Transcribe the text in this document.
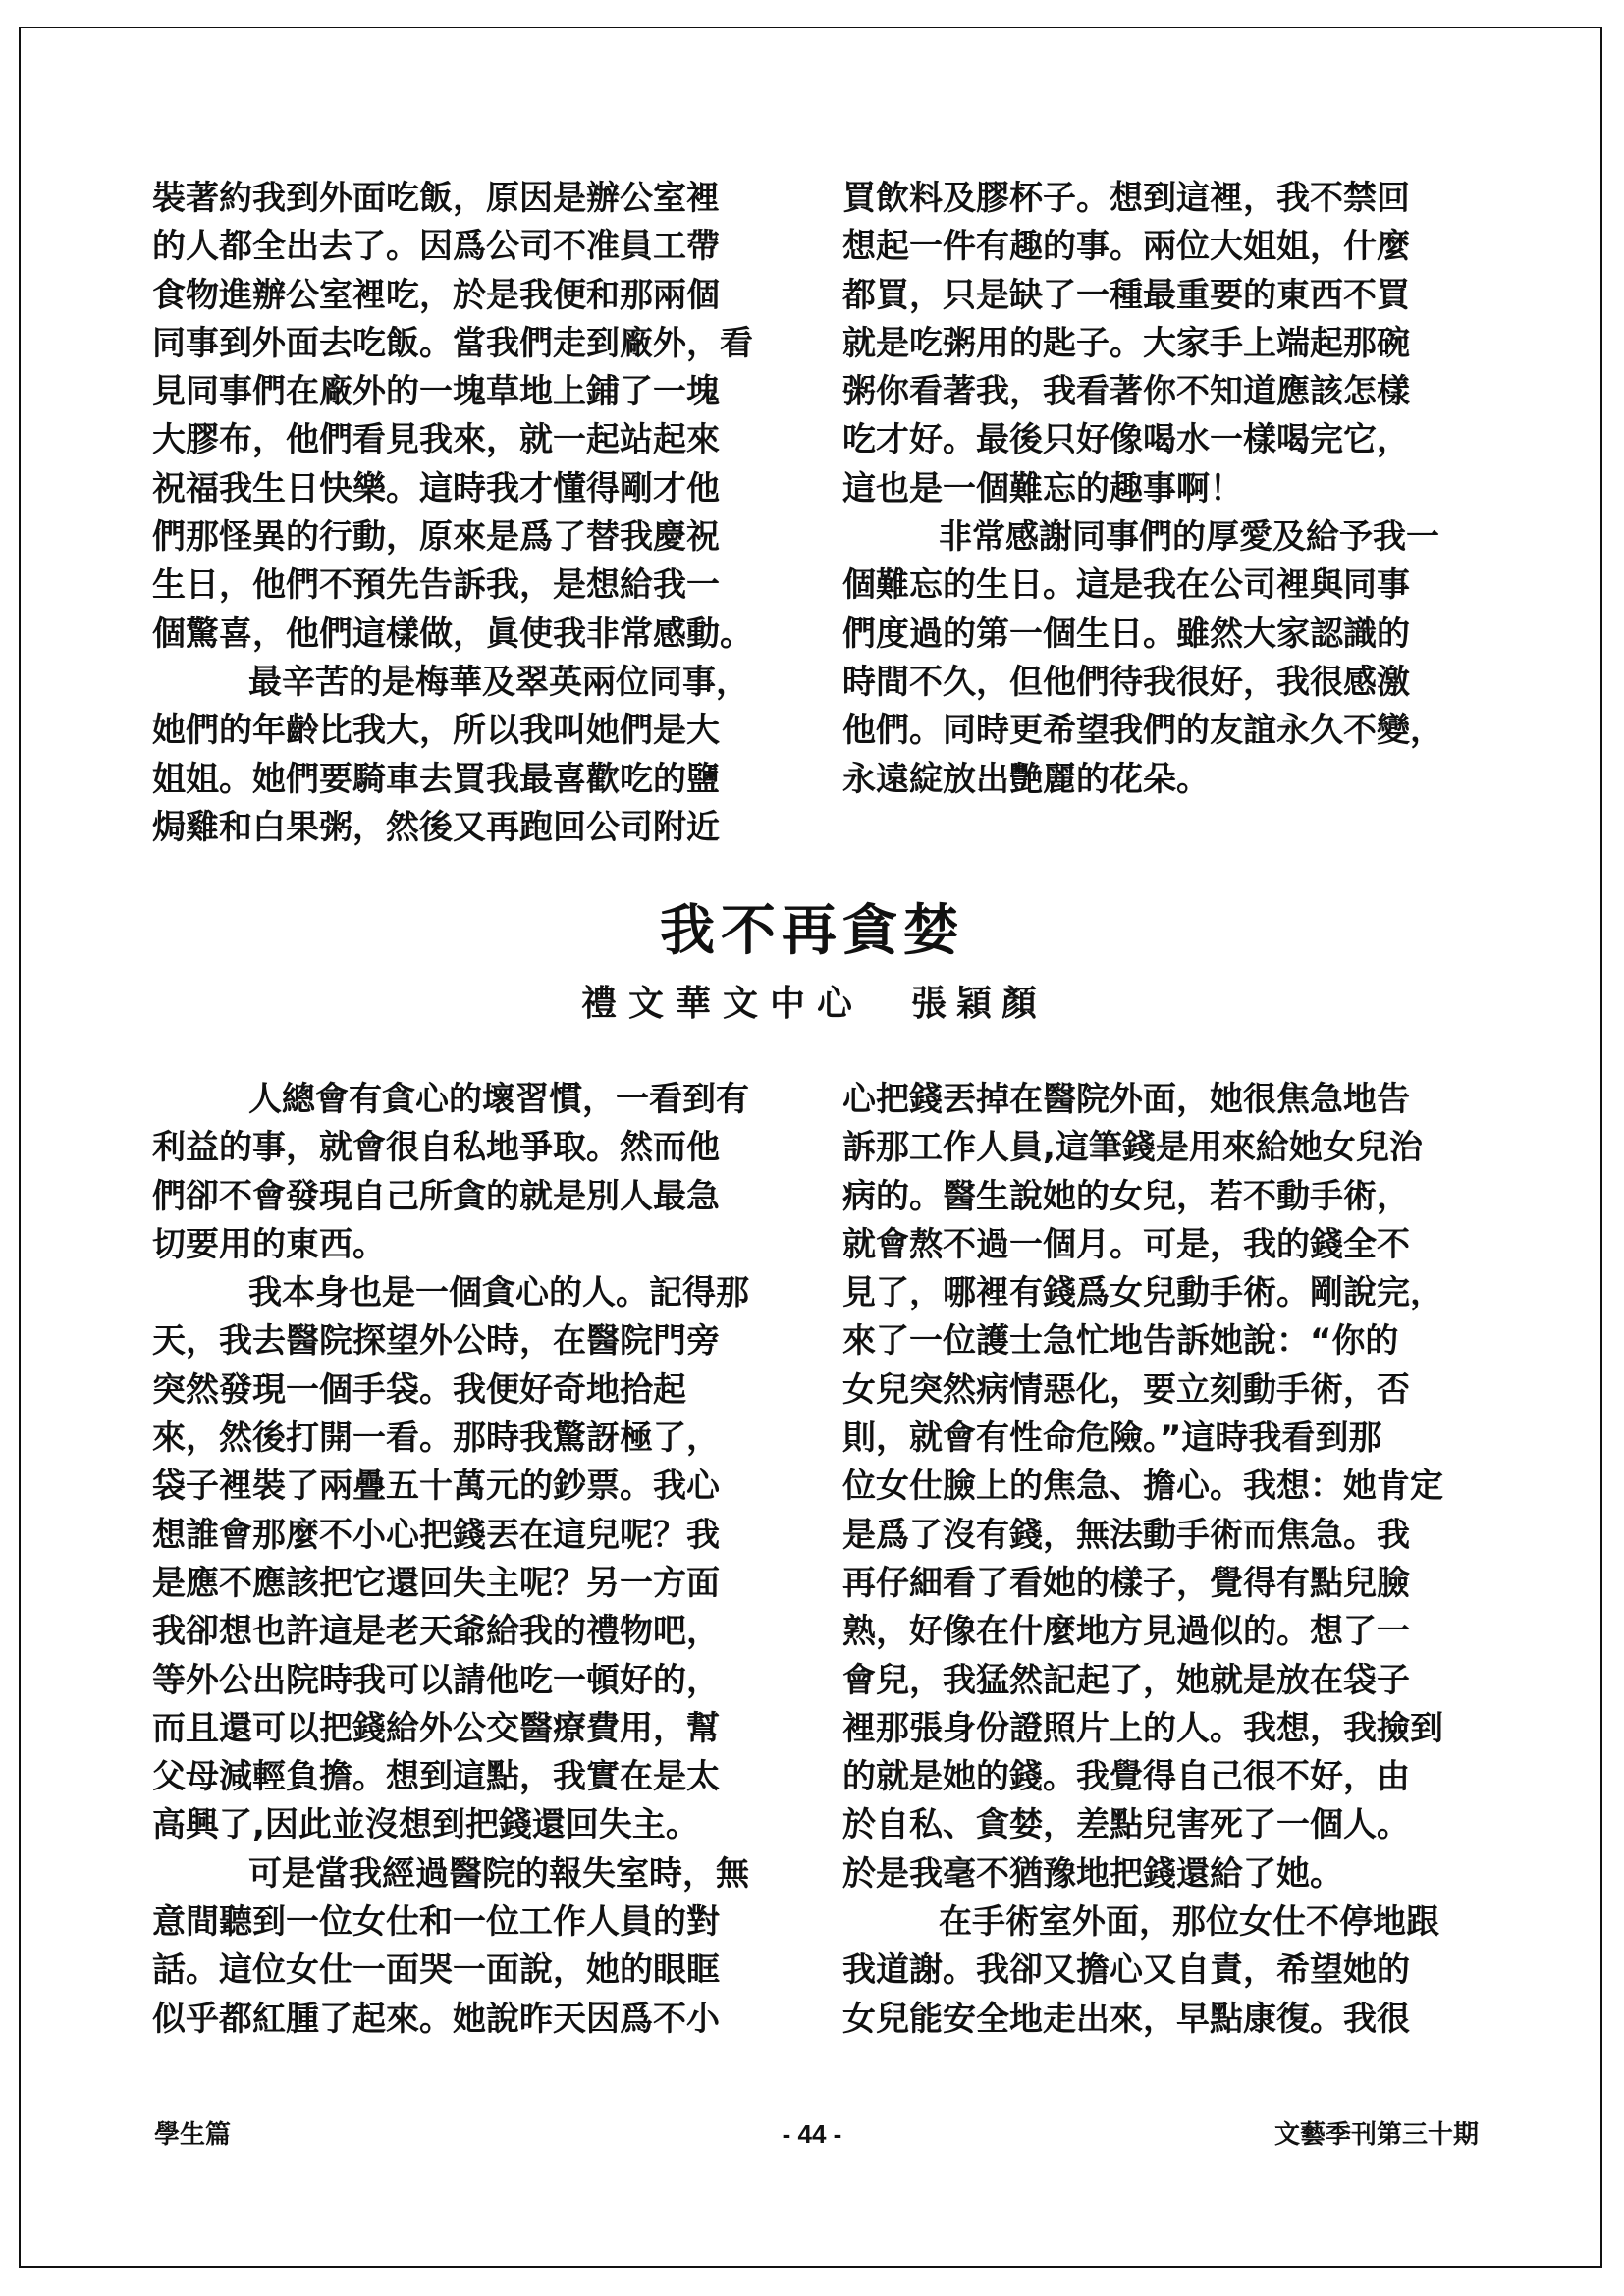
裝著約我到外面吃飯，原因是辦公室裡
的人都全出去了。因爲公司不准員工帶
食物進辦公室裡吃，於是我便和那兩個
同事到外面去吃飯。當我們走到廠外，看
見同事們在廠外的一塊草地上鋪了一塊
大膠布，他們看見我來，就一起站起來
祝福我生日快樂。這時我才懂得剛才他
們那怪異的行動，原來是爲了替我慶祝
生日，他們不預先告訴我，是想給我一
個驚喜，他們這樣做，眞使我非常感動。
最辛苦的是梅華及翠英兩位同事，
她們的年齡比我大，所以我叫她們是大
姐姐。她們要騎車去買我最喜歡吃的鹽
焗雞和白果粥，然後又再跑回公司附近
買飲料及膠杯子。想到這裡，我不禁回
想起一件有趣的事。兩位大姐姐，什麼
都買，只是缺了一種最重要的東西不買
就是吃粥用的匙子。大家手上端起那碗
粥你看著我，我看著你不知道應該怎樣
吃才好。最後只好像喝水一樣喝完它，
這也是一個難忘的趣事啊！
非常感謝同事們的厚愛及給予我一
個難忘的生日。這是我在公司裡與同事
們度過的第一個生日。雖然大家認識的
時間不久，但他們待我很好，我很感激
他們。同時更希望我們的友誼永久不變，
永遠綻放出艷麗的花朵。
我不再貪婪
禮文華文中心 張穎顏
人總會有貪心的壞習慣，一看到有
利益的事，就會很自私地爭取。然而他
們卻不會發現自己所貪的就是別人最急
切要用的東西。
我本身也是一個貪心的人。記得那
天，我去醫院探望外公時，在醫院門旁
突然發現一個手袋。我便好奇地拾起
來，然後打開一看。那時我驚訝極了，
袋子裡裝了兩疊五十萬元的鈔票。我心
想誰會那麼不小心把錢丟在這兒呢？我
是應不應該把它還回失主呢？另一方面
我卻想也許這是老天爺給我的禮物吧，
等外公出院時我可以請他吃一頓好的，
而且還可以把錢給外公交醫療費用，幫
父母減輕負擔。想到這點，我實在是太
高興了,因此並沒想到把錢還回失主。
可是當我經過醫院的報失室時，無
意間聽到一位女仕和一位工作人員的對
話。這位女仕一面哭一面說，她的眼眶
似乎都紅腫了起來。她說昨天因爲不小
心把錢丟掉在醫院外面，她很焦急地告
訴那工作人員,這筆錢是用來給她女兒治
病的。醫生說她的女兒，若不動手術，
就會熬不過一個月。可是，我的錢全不
見了，哪裡有錢爲女兒動手術。剛說完，
來了一位護士急忙地告訴她說：“你的
女兒突然病情惡化，要立刻動手術，否
則，就會有性命危險。”這時我看到那
位女仕臉上的焦急、擔心。我想：她肯定
是爲了沒有錢，無法動手術而焦急。我
再仔細看了看她的樣子，覺得有點兒臉
熟，好像在什麼地方見過似的。想了一
會兒，我猛然記起了，她就是放在袋子
裡那張身份證照片上的人。我想，我撿到
的就是她的錢。我覺得自己很不好，由
於自私、貪婪，差點兒害死了一個人。
於是我毫不猶豫地把錢還給了她。
在手術室外面，那位女仕不停地跟
我道謝。我卻又擔心又自責，希望她的
女兒能安全地走出來，早點康復。我很
學生篇	- 44 -	文藝季刊第三十期
